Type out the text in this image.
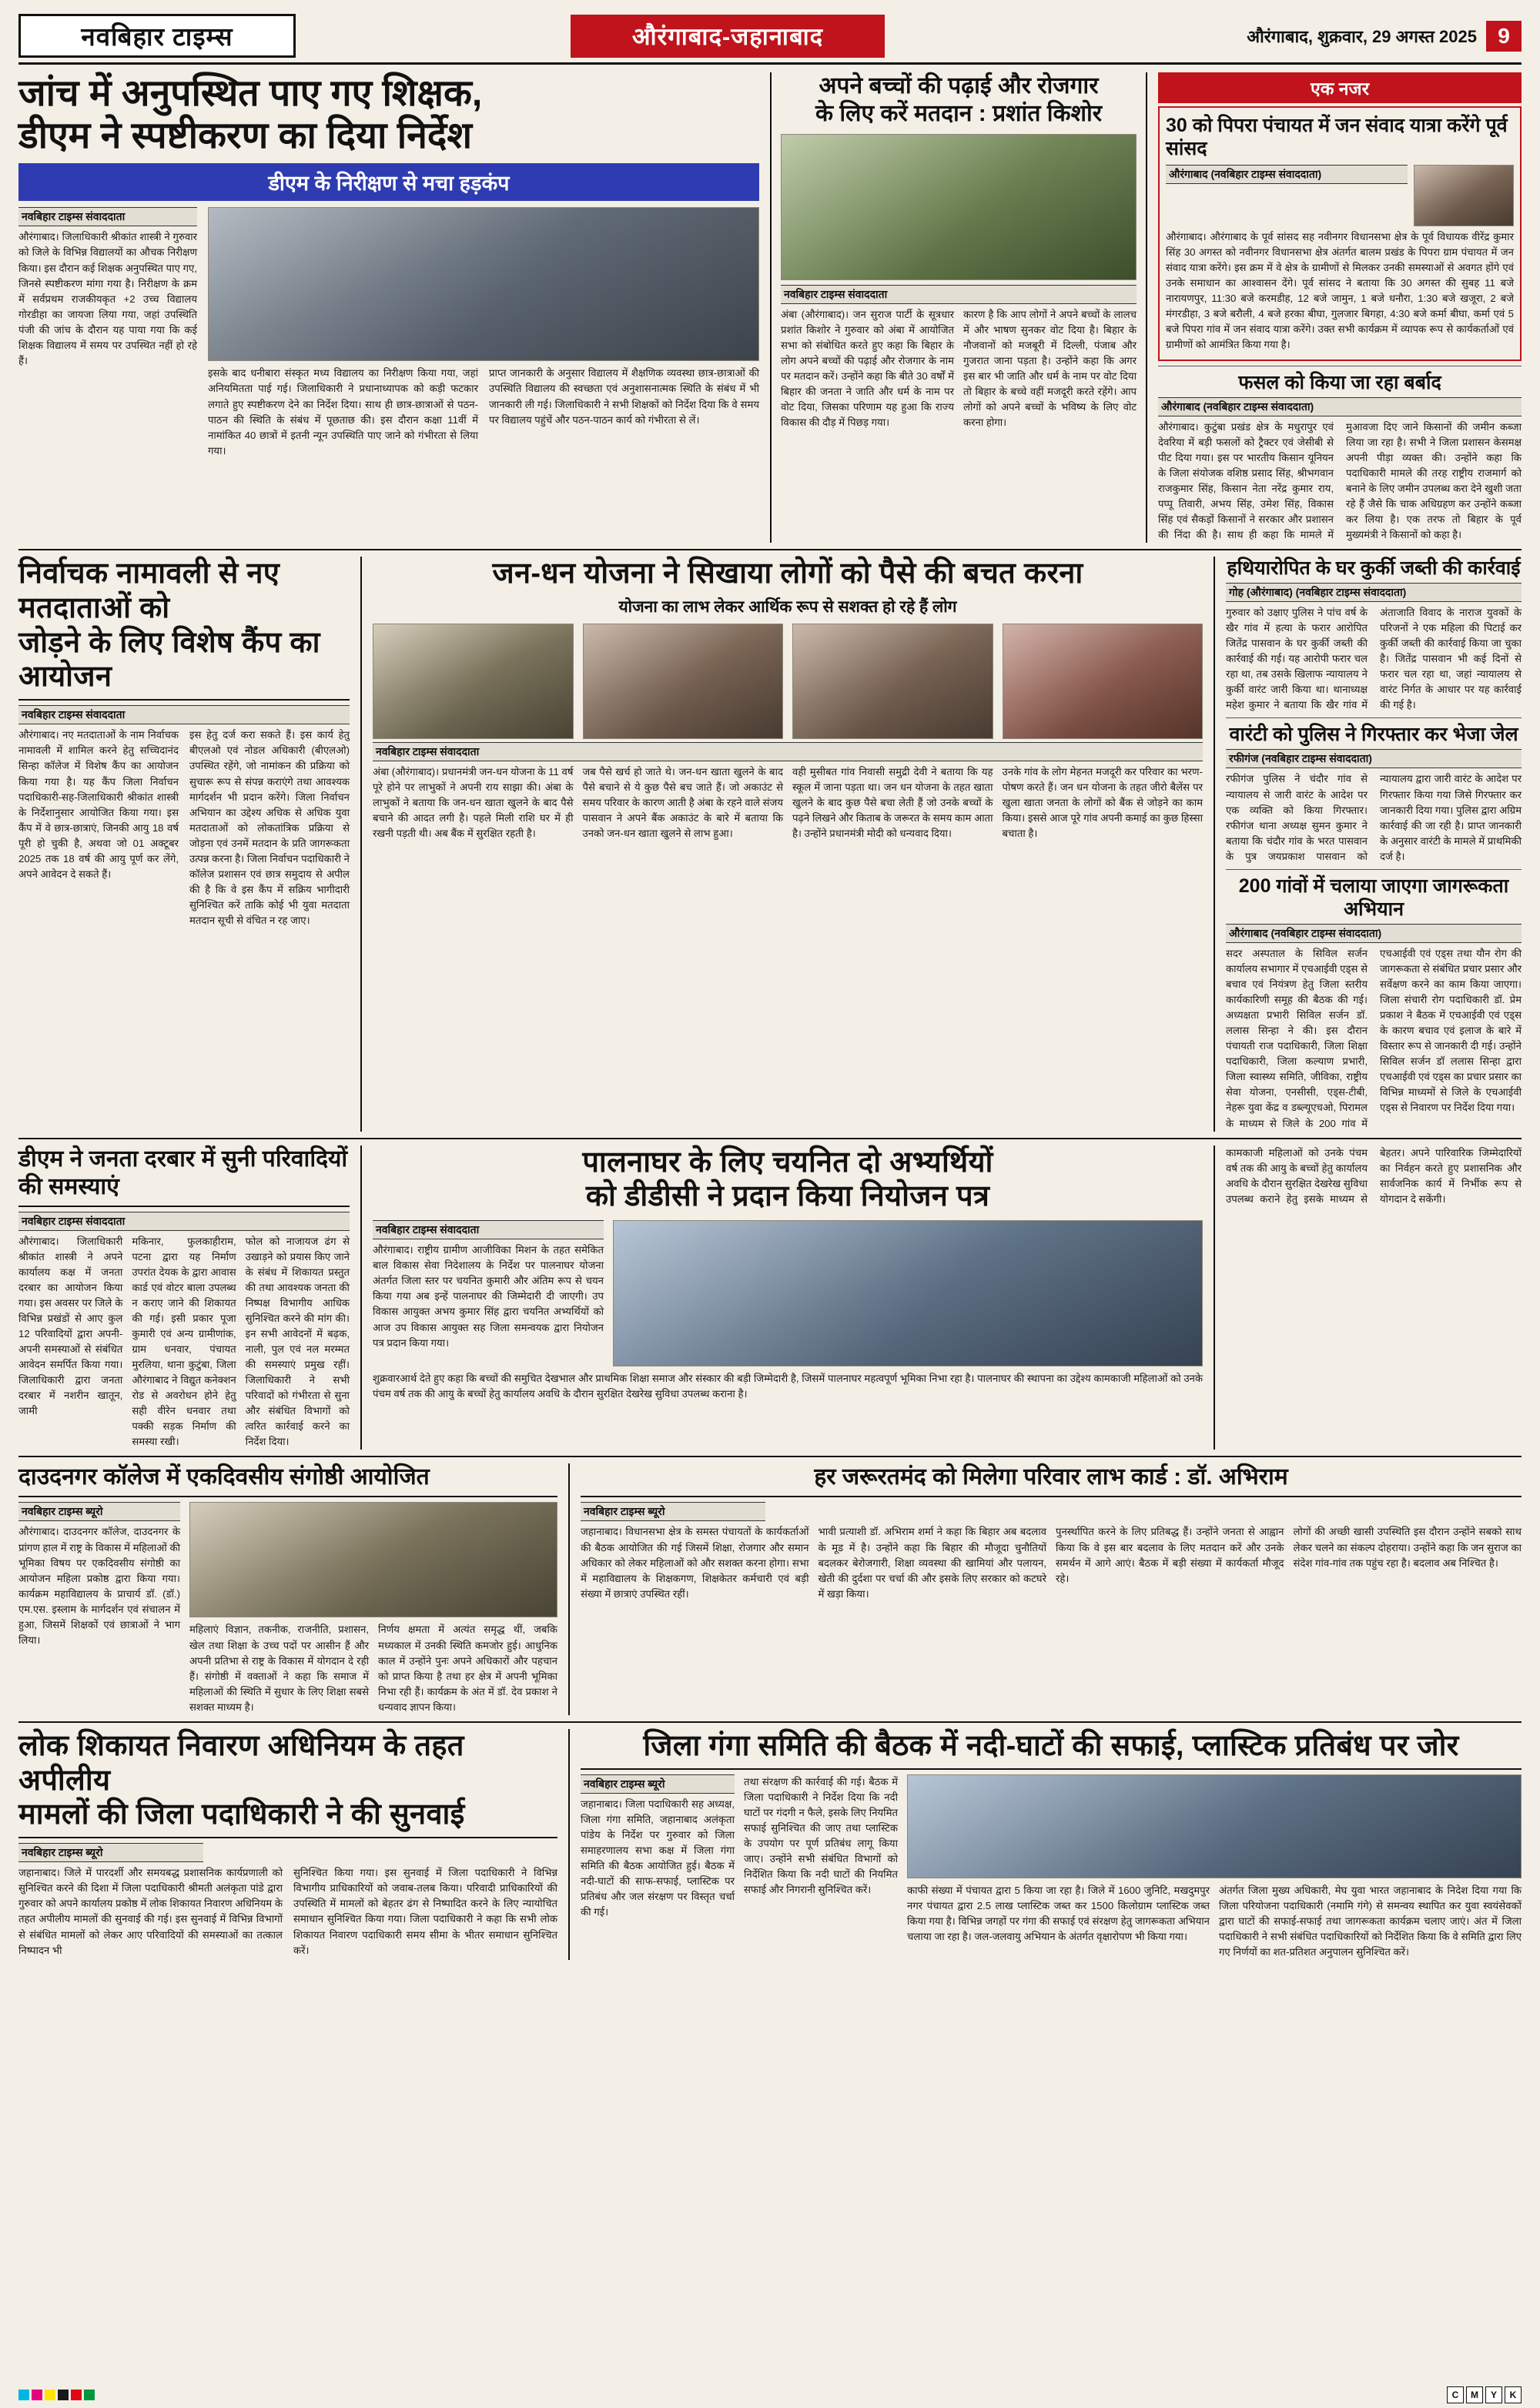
नवबिहार टाइम्स	औरंगाबाद-जहानाबाद	औरंगाबाद, शुक्रवार, 29 अगस्त 2025 9
जांच में अनुपस्थित पाए गए शिक्षक,
डीएम ने स्पष्टीकरण का दिया निर्देश
डीएम के निरीक्षण से मचा हड़कंप
नवबिहार टाइम्स संवाददाता
औरंगाबाद। जिलाधिकारी श्रीकांत शास्त्री ने गुरुवार को जिले के विभिन्न विद्यालयों का औचक निरीक्षण किया। इस दौरान कई शिक्षक अनुपस्थित पाए गए, जिनसे स्पष्टीकरण मांगा गया है। निरीक्षण के क्रम में सर्वप्रथम राजकीयकृत +2 उच्च विद्यालय गोरडीहा का जायजा लिया गया, जहां उपस्थिति पंजी की जांच के दौरान यह पाया गया कि कई शिक्षक विद्यालय में समय पर उपस्थित नहीं हो रहे हैं।
इसके बाद धनीबारा संस्कृत मध्य विद्यालय का निरीक्षण किया गया, जहां अनियमितता पाई गई। जिलाधिकारी ने प्रधानाध्यापक को कड़ी फटकार लगाते हुए स्पष्टीकरण देने का निर्देश दिया। साथ ही छात्र-छात्राओं से पठन-पाठन की स्थिति के संबंध में पूछताछ की। इस दौरान कक्षा 11वीं में नामांकित 40 छात्रों में इतनी न्यून उपस्थिति पाए जाने को गंभीरता से लिया गया।
प्राप्त जानकारी के अनुसार विद्यालय में शैक्षणिक व्यवस्था छात्र-छात्राओं की उपस्थिति विद्यालय की स्वच्छता एवं अनुशासनात्मक स्थिति के संबंध में भी जानकारी ली गई। जिलाधिकारी ने सभी शिक्षकों को निर्देश दिया कि वे समय पर विद्यालय पहुंचें और पठन-पाठन कार्य को गंभीरता से लें।
अपने बच्चों की पढ़ाई और रोजगार
के लिए करें मतदान : प्रशांत किशोर
नवबिहार टाइम्स संवाददाता
अंबा (औरंगाबाद)। जन सुराज पार्टी के सूत्रधार प्रशांत किशोर ने गुरुवार को अंबा में आयोजित सभा को संबोधित करते हुए कहा कि बिहार के लोग अपने बच्चों की पढ़ाई और रोजगार के नाम पर मतदान करें। उन्होंने कहा कि बीते 30 वर्षों में बिहार की जनता ने जाति और धर्म के नाम पर वोट दिया, जिसका परिणाम यह हुआ कि राज्य विकास की दौड़ में पिछड़ गया।
कारण है कि आप लोगों ने अपने बच्चों के लालच में और भाषण सुनकर वोट दिया है। बिहार के नौजवानों को मजबूरी में दिल्ली, पंजाब और गुजरात जाना पड़ता है। उन्होंने कहा कि अगर इस बार भी जाति और धर्म के नाम पर वोट दिया तो बिहार के बच्चे वहीं मजदूरी करते रहेंगे। आप लोगों को अपने बच्चों के भविष्य के लिए वोट करना होगा।
एक नजर
30 को पिपरा पंचायत में जन संवाद यात्रा करेंगे पूर्व सांसद
औरंगाबाद (नवबिहार टाइम्स संवाददाता)
औरंगाबाद। औरंगाबाद के पूर्व सांसद सह नवीनगर विधानसभा क्षेत्र के पूर्व विधायक वीरेंद्र कुमार सिंह 30 अगस्त को नवीनगर विधानसभा क्षेत्र अंतर्गत बालम प्रखंड के पिपरा ग्राम पंचायत में जन संवाद यात्रा करेंगे। इस क्रम में वे क्षेत्र के ग्रामीणों से मिलकर उनकी समस्याओं से अवगत होंगे एवं उनके समाधान का आश्वासन देंगे। पूर्व सांसद ने बताया कि 30 अगस्त की सुबह 11 बजे नारायणपुर, 11:30 बजे करमडीह, 12 बजे जामुन, 1 बजे धनौरा, 1:30 बजे खजूरा, 2 बजे मंगरडीहा, 3 बजे बरौली, 4 बजे हरका बीघा, गुलजार बिगहा, 4:30 बजे कर्मा बीघा, कर्मा एवं 5 बजे पिपरा गांव में जन संवाद यात्रा करेंगे। उक्त सभी कार्यक्रम में व्यापक रूप से कार्यकर्ताओं एवं ग्रामीणों को आमंत्रित किया गया है।
फसल को किया जा रहा बर्बाद
औरंगाबाद (नवबिहार टाइम्स संवाददाता)
औरंगाबाद। कुटुंबा प्रखंड क्षेत्र के मधुरापुर एवं देवरिया में बड़ी फसलों को ट्रैक्टर एवं जेसीबी से पीट दिया गया। इस पर भारतीय किसान यूनियन के जिला संयोजक वशिष्ठ प्रसाद सिंह, श्रीभगवान राजकुमार सिंह, किसान नेता नरेंद्र कुमार राय, पप्पू तिवारी, अभय सिंह, उमेश सिंह, विकास सिंह एवं सैकड़ों किसानों ने सरकार और प्रशासन की निंदा की है। साथ ही कहा कि मामले में मुआवजा दिए जाने किसानों की जमीन कब्जा लिया जा रहा है। सभी ने जिला प्रशासन केसमक्ष अपनी पीड़ा व्यक्त की। उन्होंने कहा कि पदाधिकारी मामले की तरह राष्ट्रीय राजमार्ग को बनाने के लिए जमीन उपलब्ध करा देने खुशी जता रहे हैं जैसे कि चाक अधिग्रहण कर उन्होंने कब्जा कर लिया है। एक तरफ तो बिहार के पूर्व मुख्यमंत्री ने किसानों को कहा है।
निर्वाचक नामावली से नए मतदाताओं को
जोड़ने के लिए विशेष कैंप का आयोजन
नवबिहार टाइम्स संवाददाता
औरंगाबाद। नए मतदाताओं के नाम निर्वाचक नामावली में शामिल करने हेतु सच्चिदानंद सिन्हा कॉलेज में विशेष कैंप का आयोजन किया गया है। यह कैंप जिला निर्वाचन पदाधिकारी-सह-जिलाधिकारी श्रीकांत शास्त्री के निर्देशानुसार आयोजित किया गया। इस कैंप में वे छात्र-छात्राएं, जिनकी आयु 18 वर्ष पूरी हो चुकी है, अथवा जो 01 अक्टूबर 2025 तक 18 वर्ष की आयु पूर्ण कर लेंगे, अपने आवेदन दे सकते हैं।
इस हेतु दर्ज करा सकते हैं। इस कार्य हेतु बीएलओ एवं नोडल अधिकारी (बीएलओ) उपस्थित रहेंगे, जो नामांकन की प्रक्रिया को सुचारू रूप से संपन्न कराएंगे तथा आवश्यक मार्गदर्शन भी प्रदान करेंगे। जिला निर्वाचन अभियान का उद्देश्य अधिक से अधिक युवा मतदाताओं को लोकतांत्रिक प्रक्रिया से जोड़ना एवं उनमें मतदान के प्रति जागरूकता उत्पन्न करना है। जिला निर्वाचन पदाधिकारी ने कॉलेज प्रशासन एवं छात्र समुदाय से अपील की है कि वे इस कैंप में सक्रिय भागीदारी सुनिश्चित करें ताकि कोई भी युवा मतदाता मतदान सूची से वंचित न रह जाए।
जन-धन योजना ने सिखाया लोगों को पैसे की बचत करना
योजना का लाभ लेकर आर्थिक रूप से सशक्त हो रहे हैं लोग
नवबिहार टाइम्स संवाददाता
अंबा (औरंगाबाद)। प्रधानमंत्री जन-धन योजना के 11 वर्ष पूरे होने पर लाभुकों ने अपनी राय साझा की। अंबा के लाभुकों ने बताया कि जन-धन खाता खुलने के बाद पैसे बचाने की आदत लगी है। पहले मिली राशि घर में ही रखनी पड़ती थी। अब बैंक में सुरक्षित रहती है।
जब पैसे खर्च हो जाते थे। जन-धन खाता खुलने के बाद पैसे बचाने से ये कुछ पैसे बच जाते हैं। जो अकाउंट से समय परिवार के कारण आती है अंबा के रहने वाले संजय पासवान ने अपने बैंक अकाउंट के बारे में बताया कि उनको जन-धन खाता खुलने से लाभ हुआ।
वही मुसीबत गांव निवासी समुद्री देवी ने बताया कि यह स्कूल में जाना पड़ता था। जन धन योजना के तहत खाता खुलने के बाद कुछ पैसे बचा लेती हैं जो उनके बच्चों के पढ़ने लिखने और किताब के जरूरत के समय काम आता है। उन्होंने प्रधानमंत्री मोदी को धन्यवाद दिया।
उनके गांव के लोग मेहनत मजदूरी कर परिवार का भरण-पोषण करते हैं। जन धन योजना के तहत जीरो बैलेंस पर खुला खाता जनता के लोगों को बैंक से जोड़ने का काम किया। इससे आज पूरे गांव अपनी कमाई का कुछ हिस्सा बचाता है।
हथियारोपित के घर कुर्की जब्ती की कार्रवाई
गोह (औरंगाबाद) (नवबिहार टाइम्स संवाददाता)
गुरुवार को उक्षाए पुलिस ने पांच वर्ष के खैर गांव में हत्या के फरार आरोपित जितेंद्र पासवान के घर कुर्की जब्ती की कार्रवाई की गई। यह आरोपी फरार चल रहा था, तब उसके खिलाफ न्यायालय ने कुर्की वारंट जारी किया था। थानाध्यक्ष महेश कुमार ने बताया कि खैर गांव में अंताजाति विवाद के नाराज युवकों के परिजनों ने एक महिला की पिटाई कर कुर्की जब्ती की कार्रवाई किया जा चुका है। जितेंद्र पासवान भी कई दिनों से फरार चल रहा था, जहां न्यायालय से वारंट निर्गत के आधार पर यह कार्रवाई की गई है।
वारंटी को पुलिस ने गिरफ्तार कर भेजा जेल
रफीगंज (नवबिहार टाइम्स संवाददाता)
रफीगंज पुलिस ने चंदौर गांव से न्यायालय से जारी वारंट के आदेश पर एक व्यक्ति को किया गिरफ्तार। रफीगंज थाना अध्यक्ष सुमन कुमार ने बताया कि चंदौर गांव के भरत पासवान के पुत्र जयप्रकाश पासवान को न्यायालय द्वारा जारी वारंट के आदेश पर गिरफ्तार किया गया जिसे गिरफ्तार कर जानकारी दिया गया। पुलिस द्वारा अग्रिम कार्रवाई की जा रही है। प्राप्त जानकारी के अनुसार वारंटी के मामले में प्राथमिकी दर्ज है।
200 गांवों में चलाया जाएगा जागरूकता अभियान
औरंगाबाद (नवबिहार टाइम्स संवाददाता)
सदर अस्पताल के सिविल सर्जन कार्यालय सभागार में एचआईवी एड्स से बचाव एवं नियंत्रण हेतु जिला स्तरीय कार्यकारिणी समूह की बैठक की गई। अध्यक्षता प्रभारी सिविल सर्जन डॉ. ललास सिन्हा ने की। इस दौरान पंचायती राज पदाधिकारी, जिला शिक्षा पदाधिकारी, जिला कल्याण प्रभारी, जिला स्वास्थ्य समिति, जीविका, राष्ट्रीय सेवा योजना, एनसीसी, एड्स-टीबी, नेहरू युवा केंद्र व डब्ल्यूएचओ, पिरामल के माध्यम से जिले के 200 गांव में एचआईवी एवं एड्स तथा यौन रोग की जागरूकता से संबंधित प्रचार प्रसार और सर्वेक्षण करने का काम किया जाएगा। जिला संचारी रोग पदाधिकारी डॉ. प्रेम प्रकाश ने बैठक में एचआईवी एवं एड्स के कारण बचाव एवं इलाज के बारे में विस्तार रूप से जानकारी दी गई। उन्होंने सिविल सर्जन डॉ ललास सिन्हा द्वारा एचआईवी एवं एड्स का प्रचार प्रसार का विभिन्न माध्यमों से जिले के एचआईवी एड्स से निवारण पर निर्देश दिया गया।
डीएम ने जनता दरबार में सुनी परिवादियों की समस्याएं
नवबिहार टाइम्स संवाददाता
औरंगाबाद। जिलाधिकारी श्रीकांत शास्त्री ने अपने कार्यालय कक्ष में जनता दरबार का आयोजन किया गया। इस अवसर पर जिले के विभिन्न प्रखंडों से आए कुल 12 परिवादियों द्वारा अपनी-अपनी समस्याओं से संबंधित आवेदन समर्पित किया गया। जिलाधिकारी द्वारा जनता दरबार में नशरीन खातून, जामी
मकिनार, फुलकाहीराम, पटना द्वारा यह निर्माण उपरांत देयक के द्वारा आवास कार्ड एवं वोटर बाला उपलब्ध न कराए जाने की शिकायत की गई। इसी प्रकार पूजा कुमारी एवं अन्य ग्रामीणांक, ग्राम धनवार, पंचायत मुरलिया, थाना कुटुंबा, जिला औरंगाबाद ने विद्युत कनेक्शन रोड से अवरोधन होने हेतु सही वीरेन धनवार तथा पक्की सड़क निर्माण की समस्या रखी।
फोल को नाजायज ढंग से उखाड़ने को प्रयास किए जाने के संबंध में शिकायत प्रस्तुत की तथा आवश्यक जनता की निष्पक्ष विभागीय आधिक सुनिश्चित करने की मांग की। इन सभी आवेदनों में बढ़क, नाली, पुल एवं नल मरम्मत की समस्याएं प्रमुख रहीं। जिलाधिकारी ने सभी परिवादों को गंभीरता से सुना और संबंधित विभागों को त्वरित कार्रवाई करने का निर्देश दिया।
पालनाघर के लिए चयनित दो अभ्यर्थियों
को डीडीसी ने प्रदान किया नियोजन पत्र
नवबिहार टाइम्स संवाददाता
औरंगाबाद। राष्ट्रीय ग्रामीण आजीविका मिशन के तहत समेकित बाल विकास सेवा निदेशालय के निर्देश पर पालनाघर योजना अंतर्गत जिला स्तर पर चयनित कुमारी और अंतिम रूप से चयन किया गया अब इन्हें पालनाघर की जिम्मेदारी दी जाएगी। उप विकास आयुक्त अभय कुमार सिंह द्वारा चयनित अभ्यर्थियों को आज उप विकास आयुक्त सह जिला समन्वयक द्वारा नियोजन पत्र प्रदान किया गया।
शुक्रवारआर्थ देते हुए कहा कि बच्चों की समुचित देखभाल और प्राथमिक शिक्षा समाज और संस्कार की बड़ी जिम्मेदारी है, जिसमें पालनाघर महत्वपूर्ण भूमिका निभा रहा है। पालनाघर की स्थापना का उद्देश्य कामकाजी महिलाओं को उनके पंचम वर्ष तक की आयु के बच्चों हेतु कार्यालय अवधि के दौरान सुरक्षित देखरेख सुविधा उपलब्ध कराना है।
कामकाजी महिलाओं को उनके पंचम वर्ष तक की आयु के बच्चों हेतु कार्यालय अवधि के दौरान सुरक्षित देखरेख सुविधा उपलब्ध कराने हेतु इसके माध्यम से बेहतर। अपने पारिवारिक जिम्मेदारियों का निर्वहन करते हुए प्रशासनिक और सार्वजनिक कार्य में निर्भीक रूप से योगदान दे सकेंगी।
दाउदनगर कॉलेज में एकदिवसीय संगोष्ठी आयोजित
नवबिहार टाइम्स ब्यूरो
औरंगाबाद। दाउदनगर कॉलेज, दाउदनगर के प्रांगण हाल में राष्ट्र के विकास में महिलाओं की भूमिका विषय पर एकदिवसीय संगोष्ठी का आयोजन महिला प्रकोष्ठ द्वारा किया गया। कार्यक्रम महाविद्यालय के प्राचार्य डॉ. (डॉ.) एम.एस. इस्लाम के मार्गदर्शन एवं संचालन में हुआ, जिसमें शिक्षकों एवं छात्राओं ने भाग लिया।
महिलाएं विज्ञान, तकनीक, राजनीति, प्रशासन, खेल तथा शिक्षा के उच्च पदों पर आसीन हैं और अपनी प्रतिभा से राष्ट्र के विकास में योगदान दे रही हैं। संगोष्ठी में वक्ताओं ने कहा कि समाज में महिलाओं की स्थिति में सुधार के लिए शिक्षा सबसे सशक्त माध्यम है।
निर्णय क्षमता में अत्यंत समृद्ध थीं, जबकि मध्यकाल में उनकी स्थिति कमजोर हुई। आधुनिक काल में उन्होंने पुनः अपने अधिकारों और पहचान को प्राप्त किया है तथा हर क्षेत्र में अपनी भूमिका निभा रही हैं। कार्यक्रम के अंत में डॉ. देव प्रकाश ने धन्यवाद ज्ञापन किया।
हर जरूरतमंद को मिलेगा परिवार लाभ कार्ड : डॉ. अभिराम
नवबिहार टाइम्स ब्यूरो
जहानाबाद। विधानसभा क्षेत्र के समस्त पंचायतों के कार्यकर्ताओं की बैठक आयोजित की गई जिसमें शिक्षा, रोजगार और समान अधिकार को लेकर महिलाओं को और सशक्त करना होगा। सभा में महाविद्यालय के शिक्षकगण, शिक्षकेतर कर्मचारी एवं बड़ी संख्या में छात्राएं उपस्थित रहीं।
भावी प्रत्याशी डॉ. अभिराम शर्मा ने कहा कि बिहार अब बदलाव के मूड में है। उन्होंने कहा कि बिहार की मौजूदा चुनौतियों बदलकर बेरोजगारी, शिक्षा व्यवस्था की खामियां और पलायन, खेती की दुर्दशा पर चर्चा की और इसके लिए सरकार को कटघरे में खड़ा किया।
पुनर्स्थापित करने के लिए प्रतिबद्ध हैं। उन्होंने जनता से आह्वान किया कि वे इस बार बदलाव के लिए मतदान करें और उनके समर्थन में आगे आएं। बैठक में बड़ी संख्या में कार्यकर्ता मौजूद रहे।
लोगों की अच्छी खासी उपस्थिति इस दौरान उन्होंने सबको साथ लेकर चलने का संकल्प दोहराया। उन्होंने कहा कि जन सुराज का संदेश गांव-गांव तक पहुंच रहा है। बदलाव अब निश्चित है।
लोक शिकायत निवारण अधिनियम के तहत अपीलीय
मामलों की जिला पदाधिकारी ने की सुनवाई
नवबिहार टाइम्स ब्यूरो
जहानाबाद। जिले में पारदर्शी और समयबद्ध प्रशासनिक कार्यप्रणाली को सुनिश्चित करने की दिशा में जिला पदाधिकारी श्रीमती अलंकृता पांडे द्वारा गुरुवार को अपने कार्यालय प्रकोष्ठ में लोक शिकायत निवारण अधिनियम के तहत अपीलीय मामलों की सुनवाई की गई। इस सुनवाई में विभिन्न विभागों से संबंधित मामलों को लेकर आए परिवादियों की समस्याओं का तत्काल निष्पादन भी
सुनिश्चित किया गया। इस सुनवाई में जिला पदाधिकारी ने विभिन्न विभागीय प्राधिकारियों को जवाब-तलब किया। परिवादी प्राधिकारियों की उपस्थिति में मामलों को बेहतर ढंग से निष्पादित करने के लिए न्यायोचित समाधान सुनिश्चित किया गया। जिला पदाधिकारी ने कहा कि सभी लोक शिकायत निवारण पदाधिकारी समय सीमा के भीतर समाधान सुनिश्चित करें।
जिला गंगा समिति की बैठक में नदी-घाटों की सफाई, प्लास्टिक प्रतिबंध पर जोर
नवबिहार टाइम्स ब्यूरो
जहानाबाद। जिला पदाधिकारी सह अध्यक्ष, जिला गंगा समिति, जहानाबाद अलंकृता पांडेय के निर्देश पर गुरुवार को जिला समाहरणालय सभा कक्ष में जिला गंगा समिति की बैठक आयोजित हुई। बैठक में नदी-घाटों की साफ-सफाई, प्लास्टिक पर प्रतिबंध और जल संरक्षण पर विस्तृत चर्चा की गई।
तथा संरक्षण की कार्रवाई की गई। बैठक में जिला पदाधिकारी ने निर्देश दिया कि नदी घाटों पर गंदगी न फैले, इसके लिए नियमित सफाई सुनिश्चित की जाए तथा प्लास्टिक के उपयोग पर पूर्ण प्रतिबंध लागू किया जाए। उन्होंने सभी संबंधित विभागों को निर्देशित किया कि नदी घाटों की नियमित सफाई और निगरानी सुनिश्चित करें।	काफी संख्या में पंचायत द्वारा 5 किया जा रहा है। जिले में 1600 जुनिटि, मखदुमपुर नगर पंचायत द्वारा 2.5 लाख प्लास्टिक जब्त कर 1500 किलोग्राम प्लास्टिक जब्त किया गया है। विभिन्न जगहों पर गंगा की सफाई एवं संरक्षण हेतु जागरूकता अभियान चलाया जा रहा है। जल-जलवायु अभियान के अंतर्गत वृक्षारोपण भी किया गया।
अंतर्गत जिला मुख्य अधिकारी, मेघ युवा भारत जहानाबाद के निदेश दिया गया कि जिला परियोजना पदाधिकारी (नमामि गंगे) से समन्वय स्थापित कर युवा स्वयंसेवकों द्वारा घाटों की सफाई-सफाई तथा जागरूकता कार्यक्रम चलाए जाएं। अंत में जिला पदाधिकारी ने सभी संबंधित पदाधिकारियों को निर्देशित किया कि वे समिति द्वारा लिए गए निर्णयों का शत-प्रतिशत अनुपालन सुनिश्चित करें।
C	M	Y	K
